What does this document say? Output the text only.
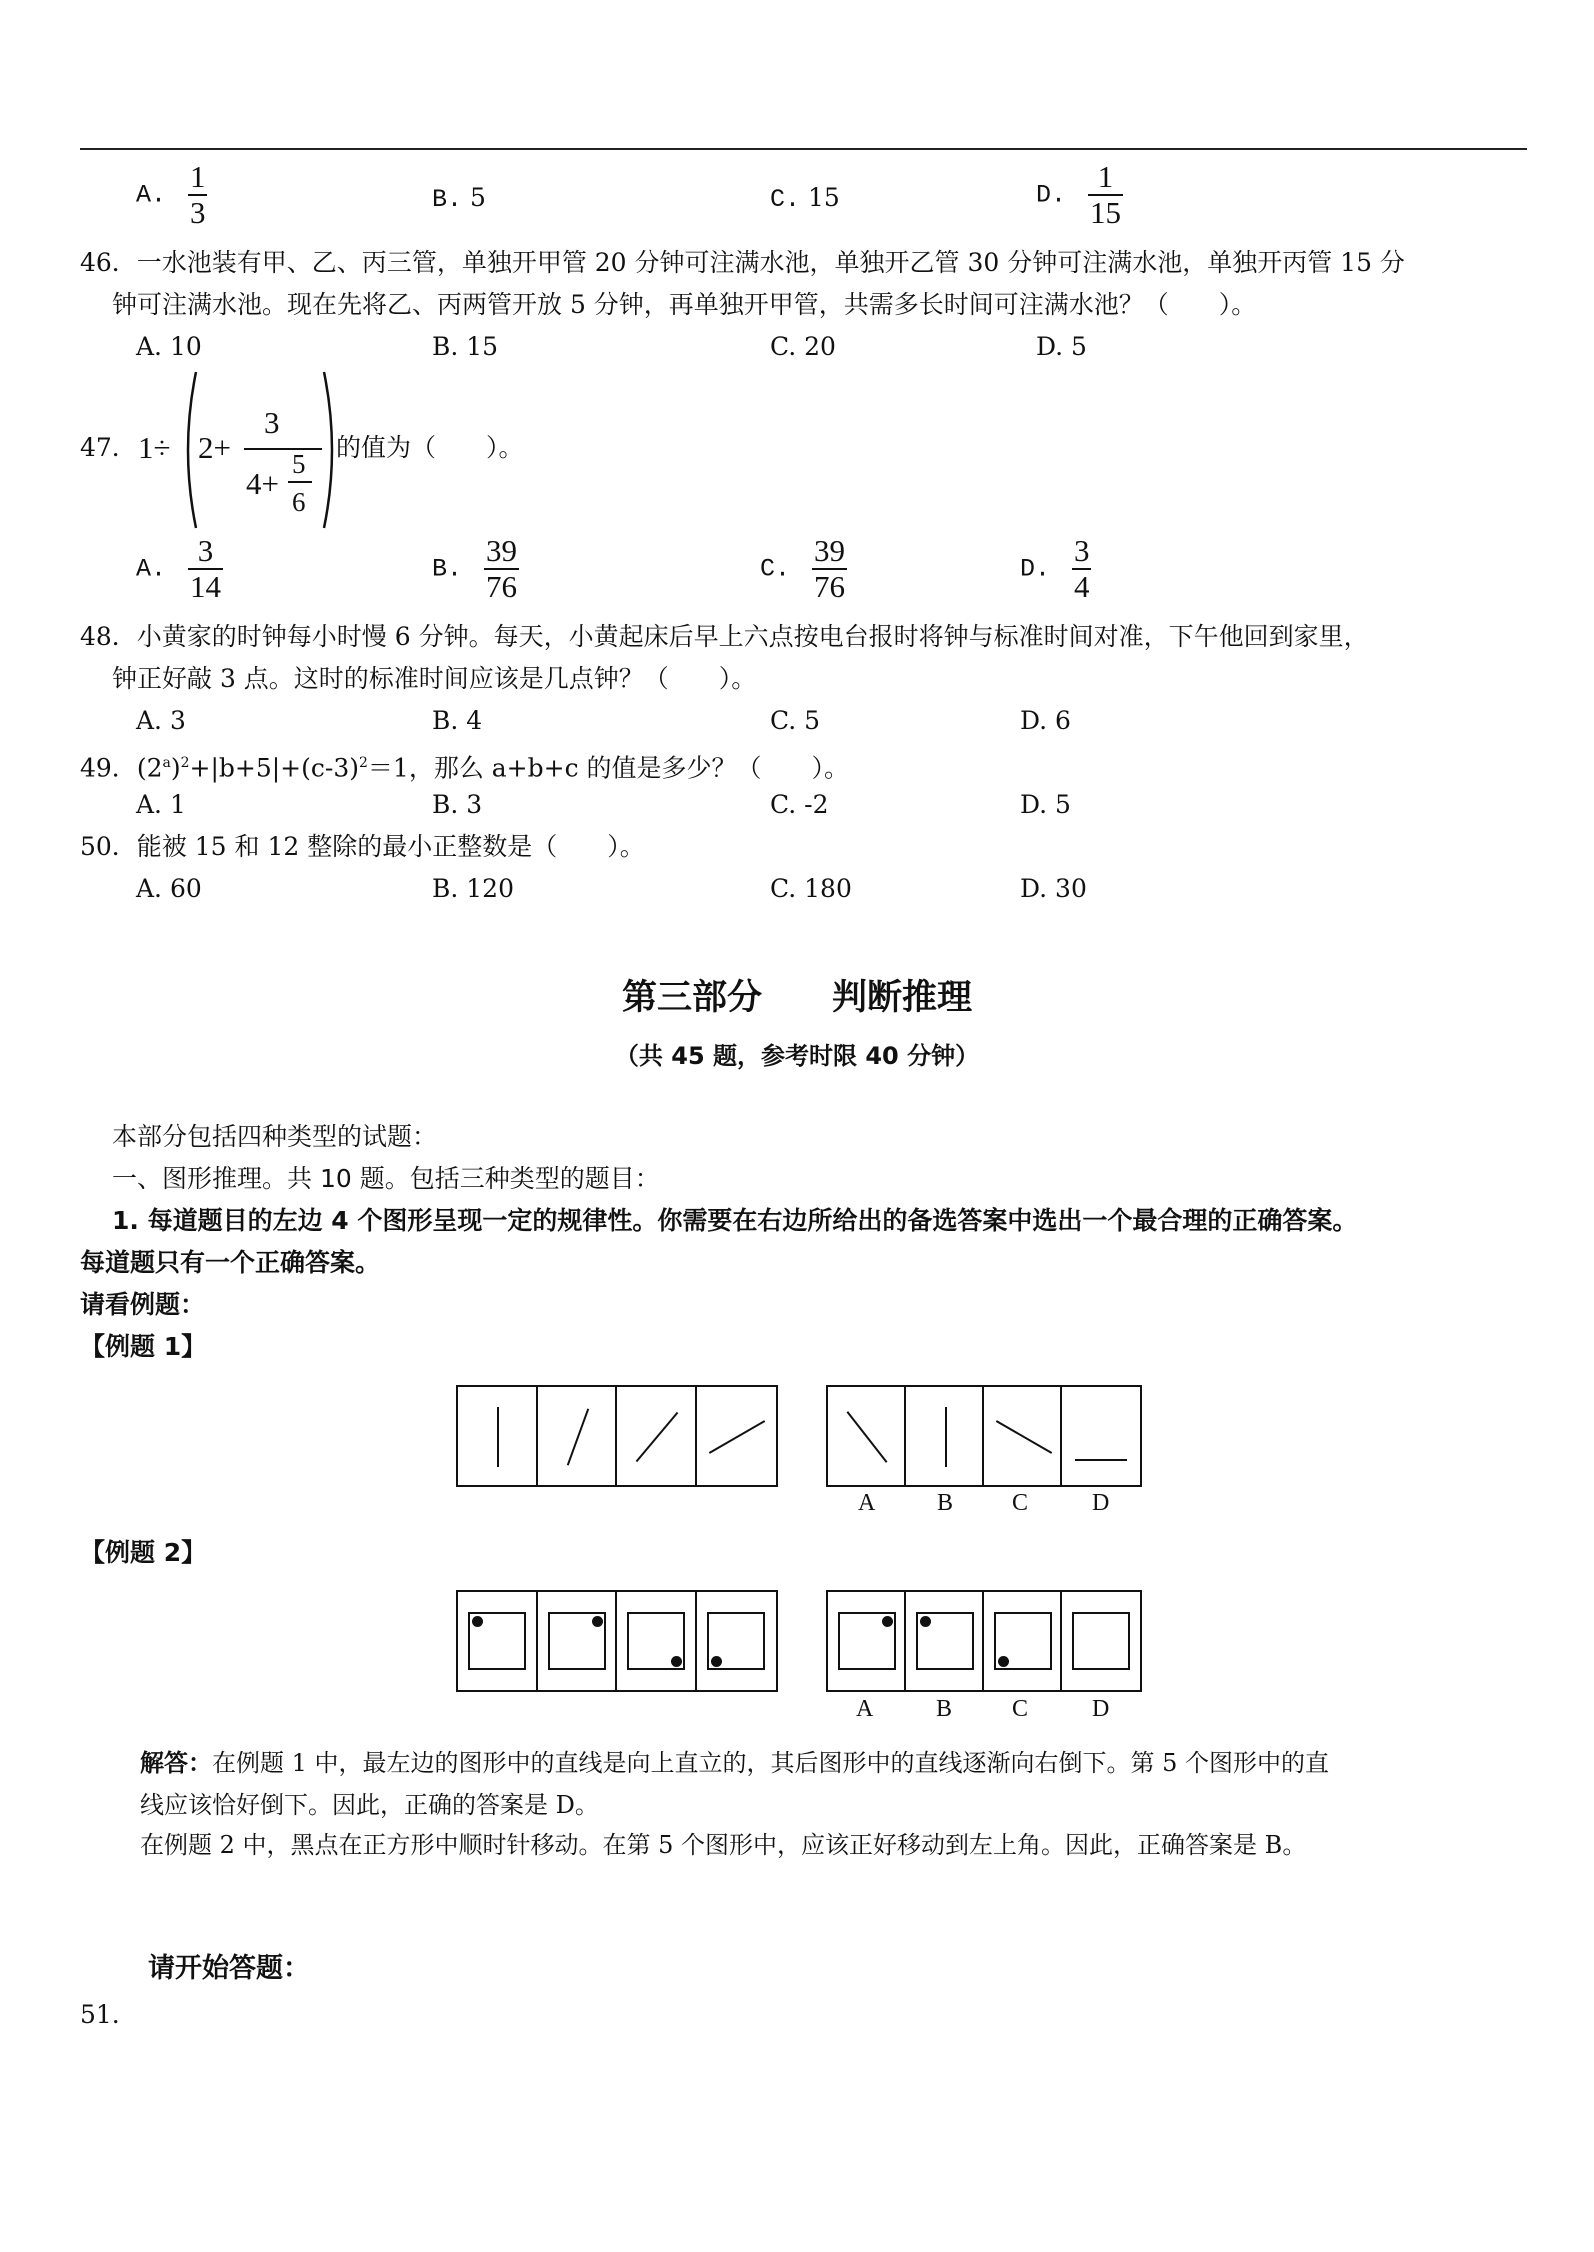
A. $\frac{1}{3}$	B. 5	C. 15	D. $\frac{1}{15}$
46．一水池装有甲、乙、丙三管，单独开甲管 20 分钟可注满水池，单独开乙管 30 分钟可注满水池，单独开丙管 15 分
钟可注满水池。现在先将乙、丙两管开放 5 分钟，再单独开甲管，共需多长时间可注满水池？（　　）。
A. 10	B. 15	C. 20	D. 5
47． 1÷ 2+
3
4+
5
6
的值为（　　）。
A. $\frac{3}{14}$	B. $\frac{39}{76}$	C. $\frac{39}{76}$	D. $\frac{3}{4}$
48．小黄家的时钟每小时慢 6 分钟。每天，小黄起床后早上六点按电台报时将钟与标准时间对准，下午他回到家里，
钟正好敲 3 点。这时的标准时间应该是几点钟？（　　）。
A. 3	B. 4	C. 5	D. 6
49．$(2^a)^2+|b+5|+(c-3)^2=1$，那么 a+b+c 的值是多少？（　　）。
A. 1	B. 3	C. -2	D. 5
50．能被 15 和 12 整除的最小正整数是（　　）。
A. 60	B. 120	C. 180	D. 30
第三部分　　判断推理
（共 45 题，参考时限 40 分钟）
本部分包括四种类型的试题：
一、图形推理。共 10 题。包括三种类型的题目：
1. 每道题目的左边 4 个图形呈现一定的规律性。你需要在右边所给出的备选答案中选出一个最合理的正确答案。
每道题只有一个正确答案。
请看例题：
【例题 1】
A	B C	D
【例题 2】
A	B C	D
解答：在例题 1 中，最左边的图形中的直线是向上直立的，其后图形中的直线逐渐向右倒下。第 5 个图形中的直
线应该恰好倒下。因此，正确的答案是 D。
在例题 2 中，黑点在正方形中顺时针移动。在第 5 个图形中，应该正好移动到左上角。因此，正确答案是 B。
请开始答题：
51.
